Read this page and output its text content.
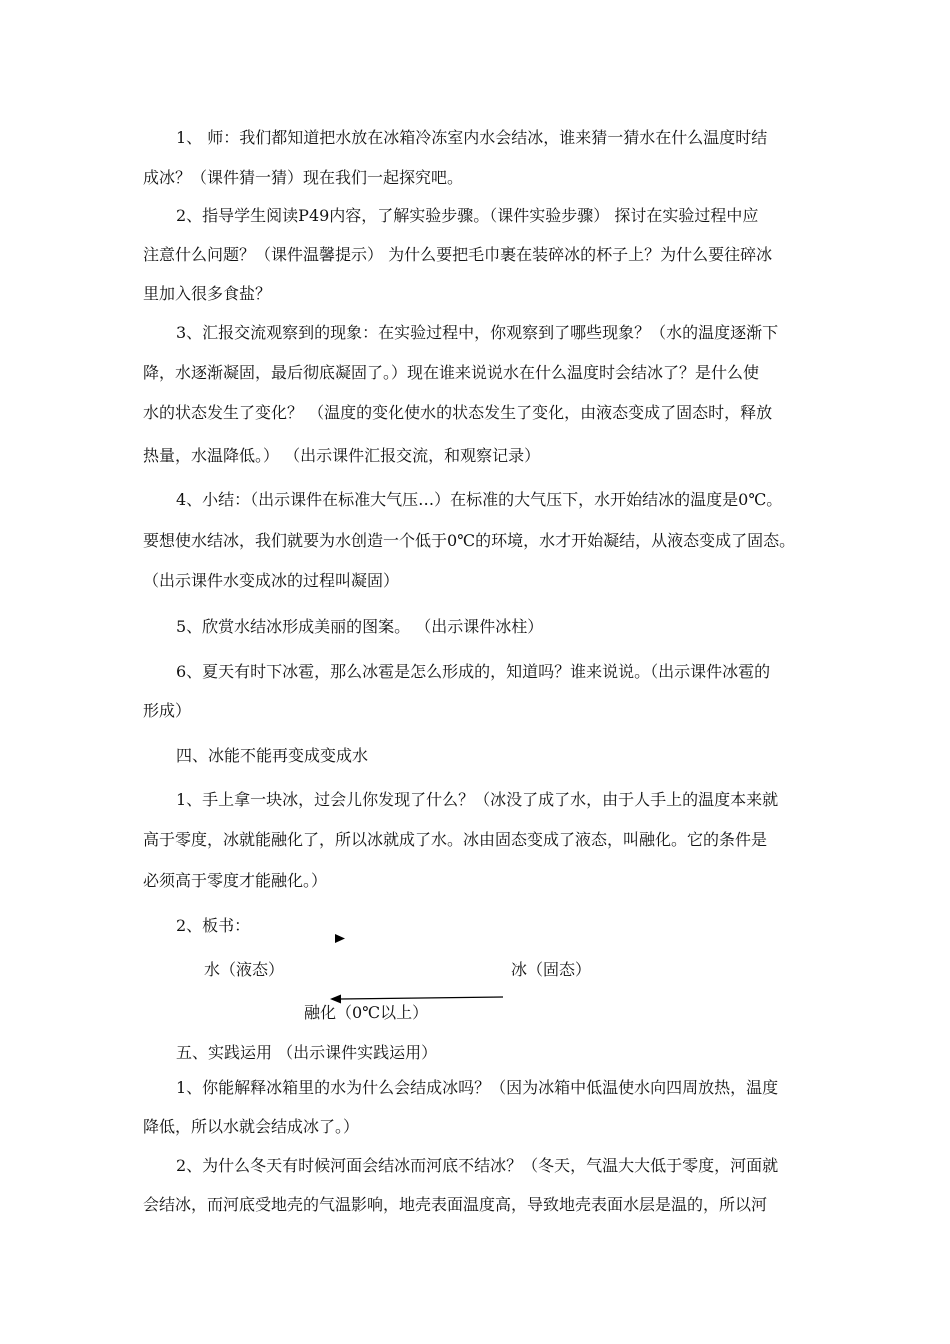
1、 师：我们都知道把水放在冰箱冷冻室内水会结冰，谁来猜一猜水在什么温度时结
成冰？（课件猜一猜）现在我们一起探究吧。
2、指导学生阅读P49内容，了解实验步骤。（课件实验步骤） 探讨在实验过程中应
注意什么问题？（课件温馨提示） 为什么要把毛巾裹在装碎冰的杯子上？为什么要往碎冰
里加入很多食盐？
3、汇报交流观察到的现象：在实验过程中，你观察到了哪些现象？（水的温度逐渐下
降，水逐渐凝固，最后彻底凝固了。）现在谁来说说水在什么温度时会结冰了？是什么使
水的状态发生了变化？ （温度的变化使水的状态发生了变化，由液态变成了固态时，释放
热量，水温降低。） （出示课件汇报交流，和观察记录）
4、小结：（出示课件在标准大气压…）在标准的大气压下，水开始结冰的温度是0℃。
要想使水结冰，我们就要为水创造一个低于0℃的环境，水才开始凝结，从液态变成了固态。
（出示课件水变成冰的过程叫凝固）
5、欣赏水结冰形成美丽的图案。 （出示课件冰柱）
6、夏天有时下冰雹，那么冰雹是怎么形成的，知道吗？谁来说说。（出示课件冰雹的
形成）
四、冰能不能再变成变成水
1、手上拿一块冰，过会儿你发现了什么？（冰没了成了水，由于人手上的温度本来就
高于零度，冰就能融化了，所以冰就成了水。冰由固态变成了液态，叫融化。它的条件是
必须高于零度才能融化。）
2、板书：
水（液态）	冰（固态）
融化（0℃以上）
五、实践运用 （出示课件实践运用）
1、你能解释冰箱里的水为什么会结成冰吗？（因为冰箱中低温使水向四周放热，温度
降低，所以水就会结成冰了。）
2、为什么冬天有时候河面会结冰而河底不结冰？（冬天，气温大大低于零度，河面就
会结冰，而河底受地壳的气温影响，地壳表面温度高，导致地壳表面水层是温的，所以河
